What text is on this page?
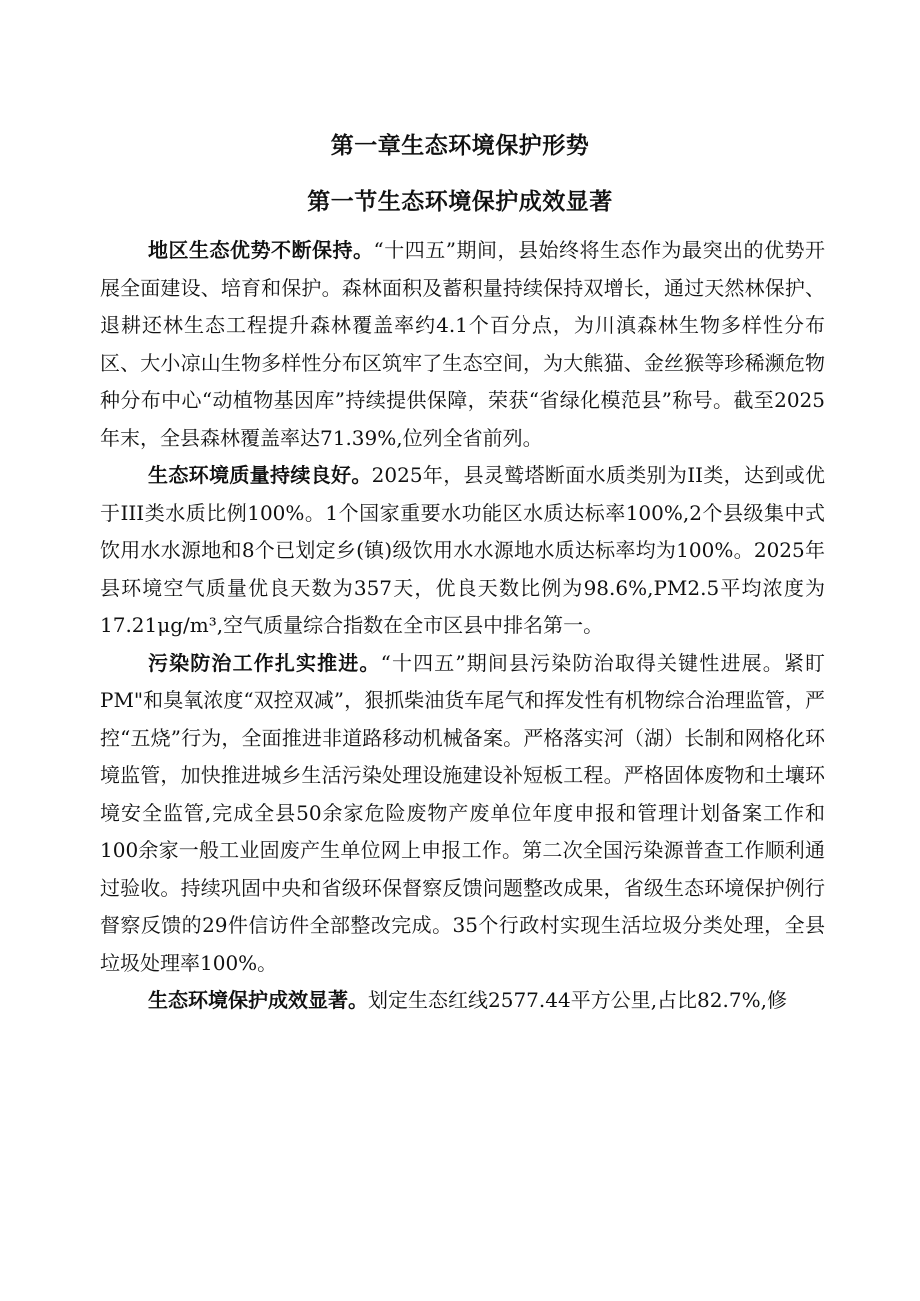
第一章生态环境保护形势
第一节生态环境保护成效显著

地区生态优势不断保持。“十四五”期间，县始终将生态作为最突出的优势开展全面建设、培育和保护。森林面积及蓄积量持续保持双增长，通过天然林保护、退耕还林生态工程提升森林覆盖率约4.1个百分点，为川滇森林生物多样性分布区、大小凉山生物多样性分布区筑牢了生态空间，为大熊猫、金丝猴等珍稀濒危物种分布中心“动植物基因库”持续提供保障，荣获“省绿化模范县”称号。截至2025年末，全县森林覆盖率达71.39%,位列全省前列。

生态环境质量持续良好。2025年，县灵鹫塔断面水质类别为II类，达到或优于III类水质比例100%。1个国家重要水功能区水质达标率100%,2个县级集中式饮用水水源地和8个已划定乡(镇)级饮用水水源地水质达标率均为100%。2025年县环境空气质量优良天数为357天，优良天数比例为98.6%,PM2.5平均浓度为17.21μg/m³,空气质量综合指数在全市区县中排名第一。

污染防治工作扎实推进。“十四五”期间县污染防治取得关键性进展。紧盯PM"和臭氧浓度“双控双减”，狠抓柴油货车尾气和挥发性有机物综合治理监管，严控“五烧”行为，全面推进非道路移动机械备案。严格落实河（湖）长制和网格化环境监管，加快推进城乡生活污染处理设施建设补短板工程。严格固体废物和土壤环境安全监管,完成全县50余家危险废物产废单位年度申报和管理计划备案工作和100余家一般工业固废产生单位网上申报工作。第二次全国污染源普查工作顺利通过验收。持续巩固中央和省级环保督察反馈问题整改成果，省级生态环境保护例行督察反馈的29件信访件全部整改完成。35个行政村实现生活垃圾分类处理，全县垃圾处理率100%。

生态环境保护成效显著。划定生态红线2577.44平方公里,占比82.7%,修
